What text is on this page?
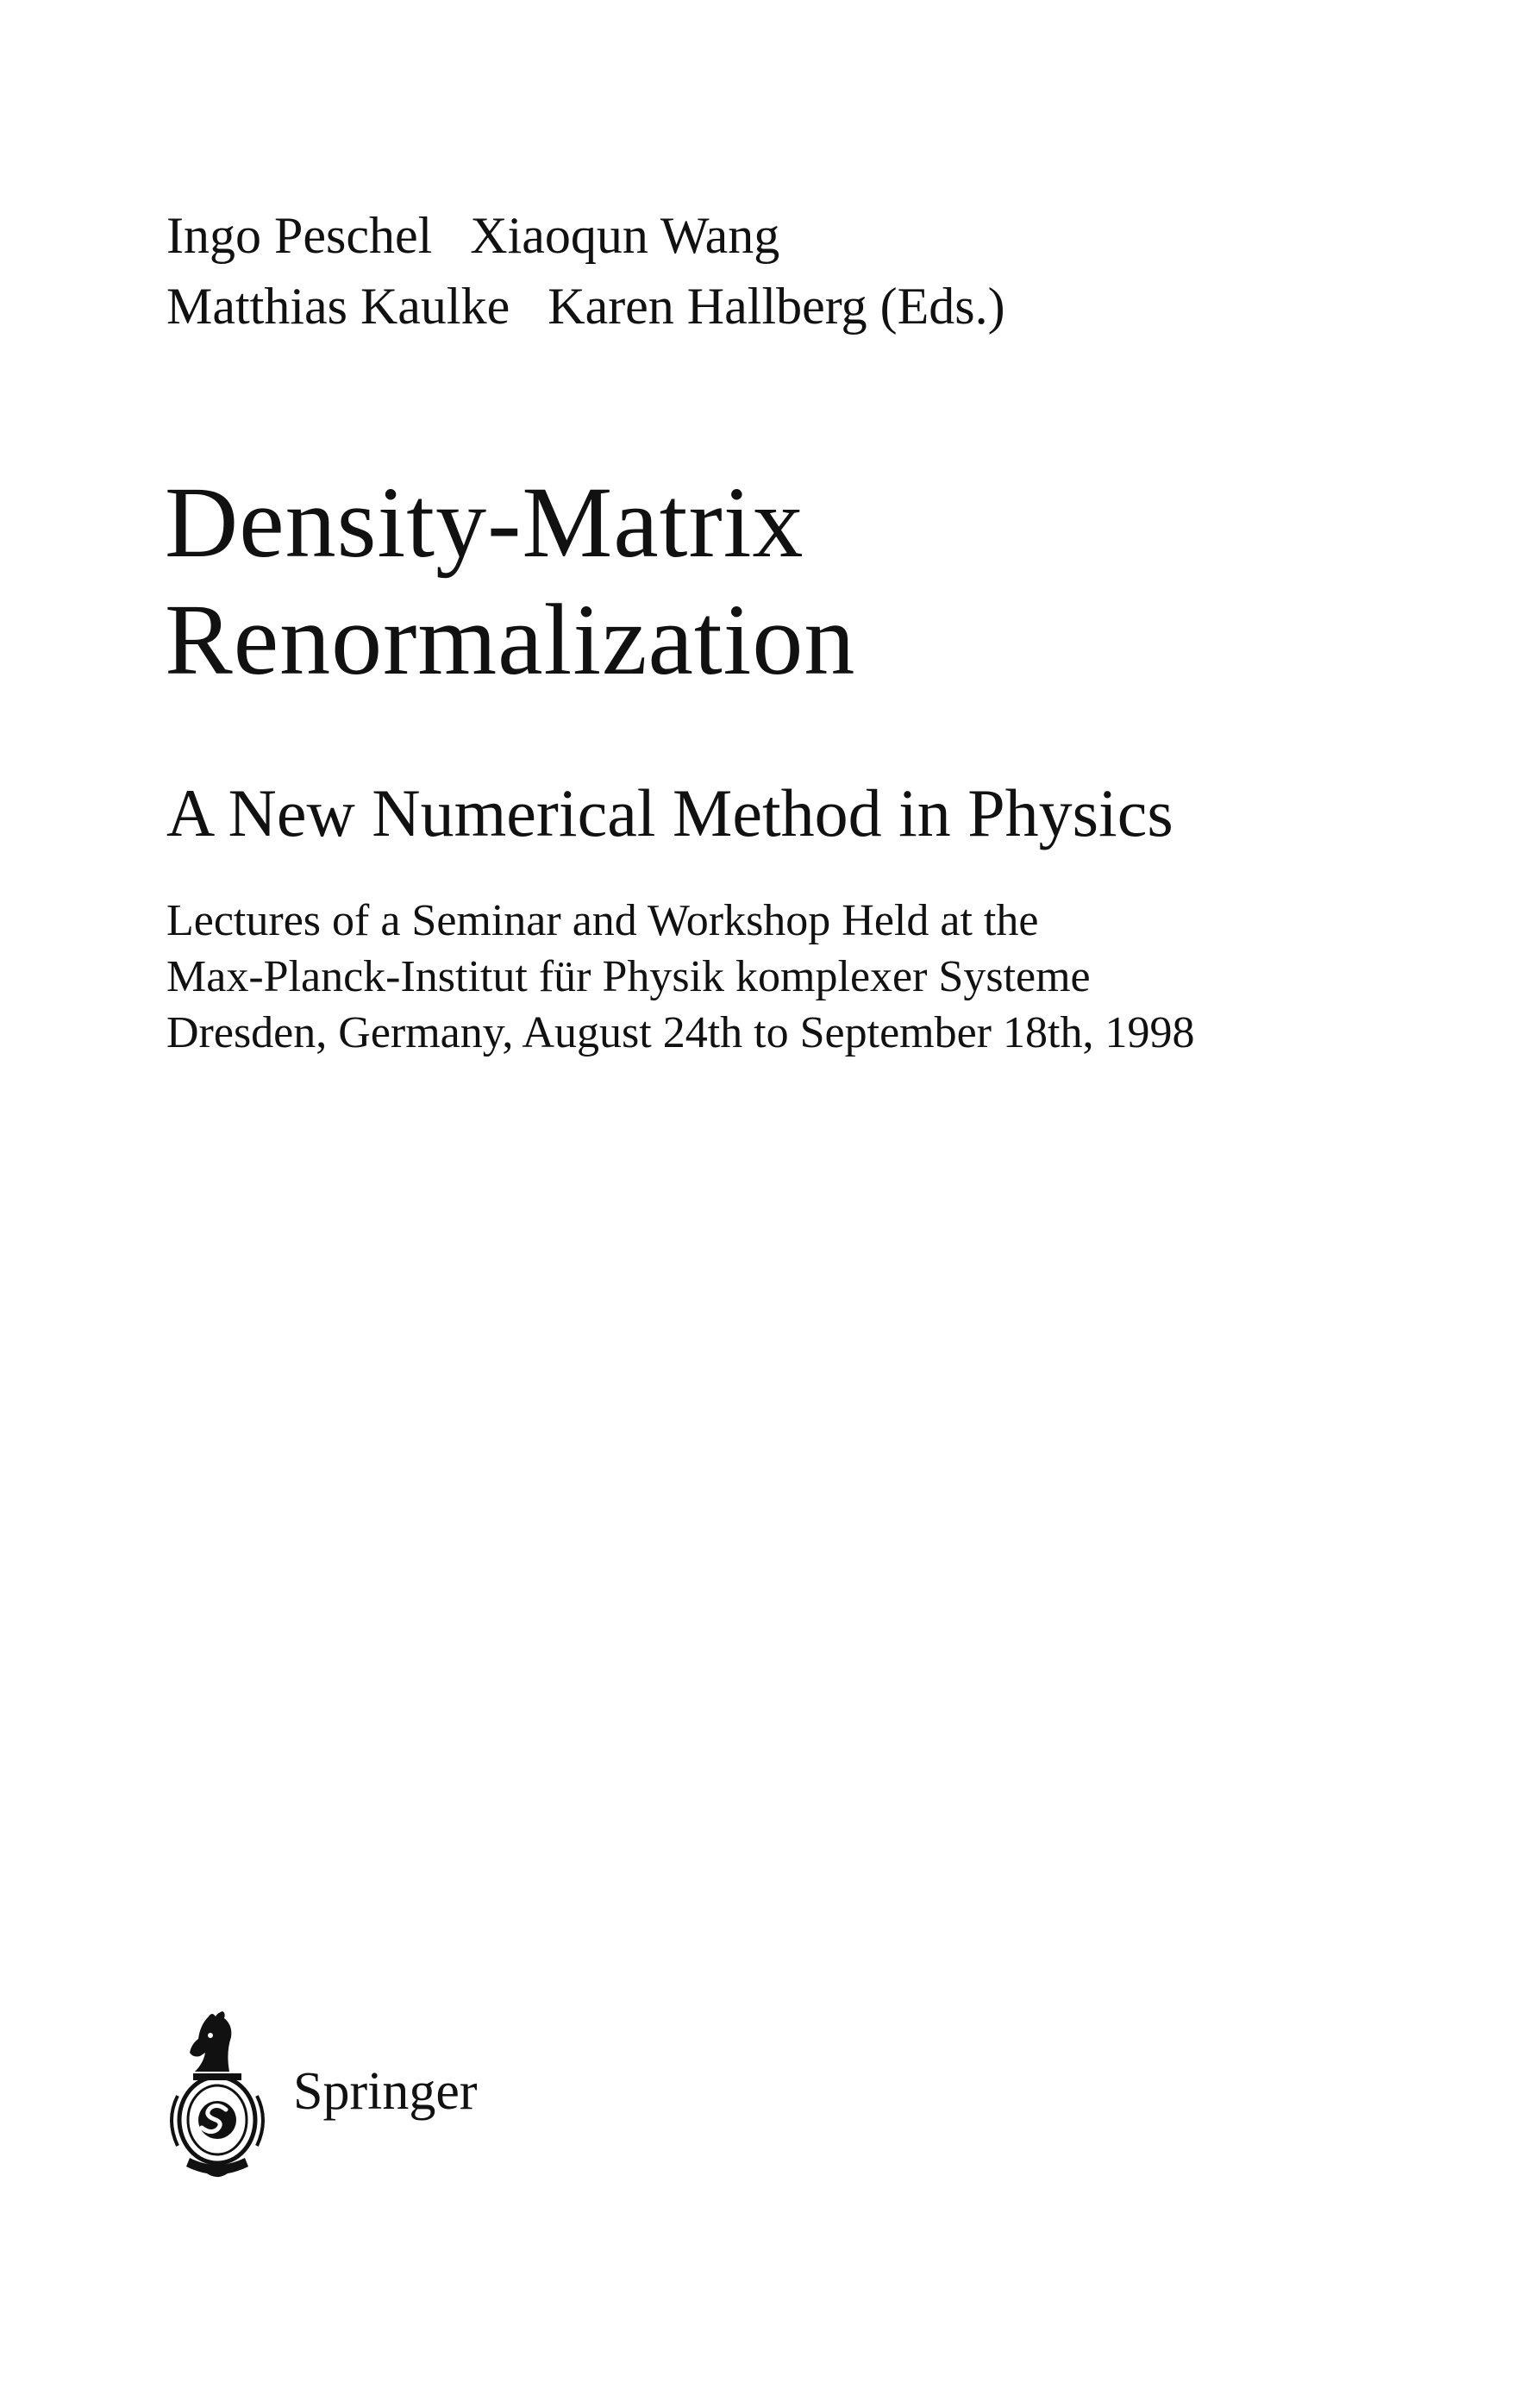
Ingo Peschel Xiaoqun Wang
Matthias Kaulke Karen Hallberg (Eds.)
Density-Matrix
Renormalization
A New Numerical Method in Physics
Lectures of a Seminar and Workshop Held at the
Max-Planck-Institut für Physik komplexer Systeme
Dresden, Germany, August 24th to September 18th, 1998
Springer
